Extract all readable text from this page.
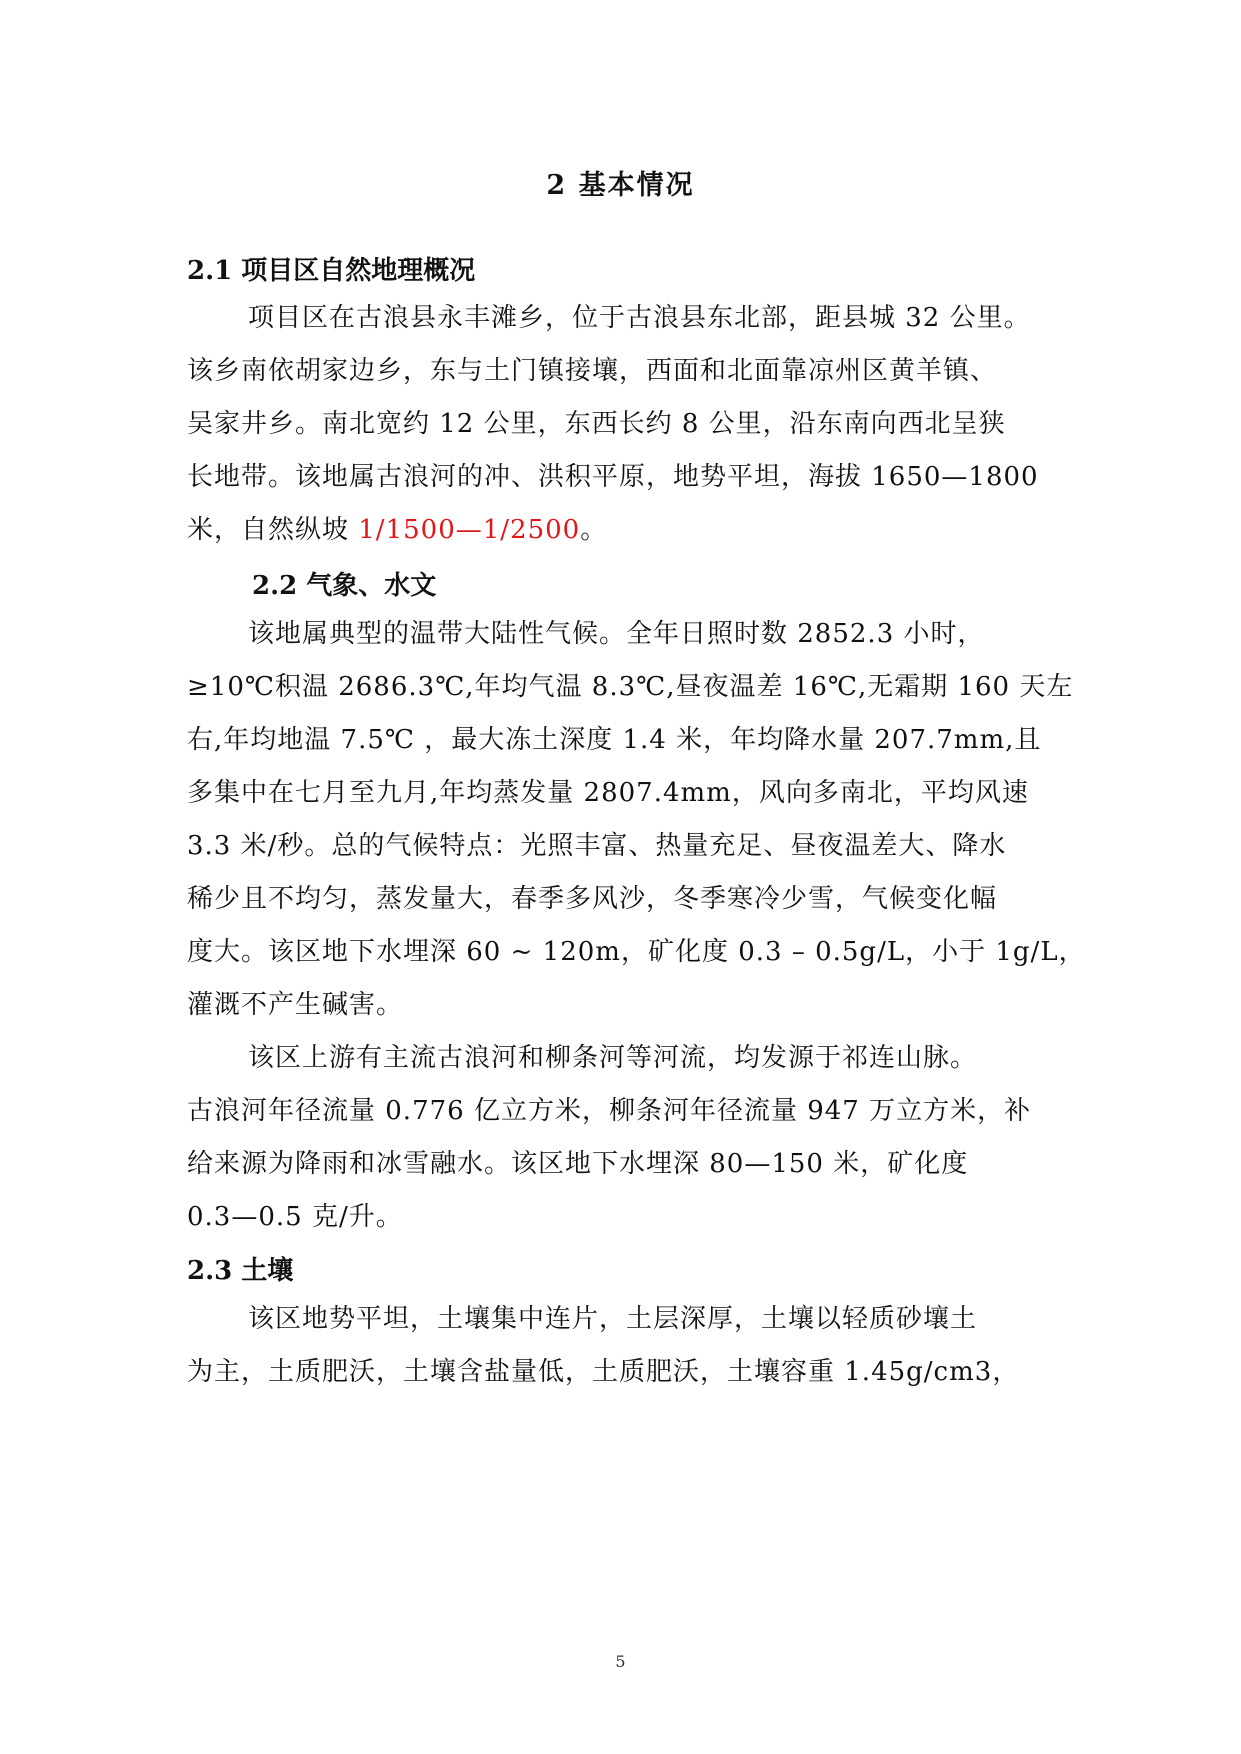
2 基本情况
2.1 项目区自然地理概况
项目区在古浪县永丰滩乡，位于古浪县东北部，距县城 32 公里。
该乡南依胡家边乡，东与土门镇接壤，西面和北面靠凉州区黄羊镇、
吴家井乡。南北宽约 12 公里，东西长约 8 公里，沿东南向西北呈狭
长地带。该地属古浪河的冲、洪积平原，地势平坦，海拔 1650—1800
米，自然纵坡 1/1500—1/2500。
2.2 气象、水文
该地属典型的温带大陆性气候。全年日照时数 2852.3 小时，
≥10℃积温 2686.3℃,年均气温 8.3℃,昼夜温差 16℃,无霜期 160 天左
右,年均地温 7.5℃ ，最大冻土深度 1.4 米，年均降水量 207.7mm,且
多集中在七月至九月,年均蒸发量 2807.4mm，风向多南北，平均风速
3.3 米/秒。总的气候特点：光照丰富、热量充足、昼夜温差大、降水
稀少且不均匀，蒸发量大，春季多风沙，冬季寒冷少雪，气候变化幅
度大。该区地下水埋深 60 ~ 120m，矿化度 0.3 – 0.5g/L，小于 1g/L，
灌溉不产生碱害。
该区上游有主流古浪河和柳条河等河流，均发源于祁连山脉。
古浪河年径流量 0.776 亿立方米，柳条河年径流量 947 万立方米，补
给来源为降雨和冰雪融水。该区地下水埋深 80—150 米，矿化度
0.3—0.5 克/升。
2.3 土壤
该区地势平坦，土壤集中连片，土层深厚，土壤以轻质砂壤土
为主，土质肥沃，土壤含盐量低，土质肥沃，土壤容重 1.45g/cm3，
5
